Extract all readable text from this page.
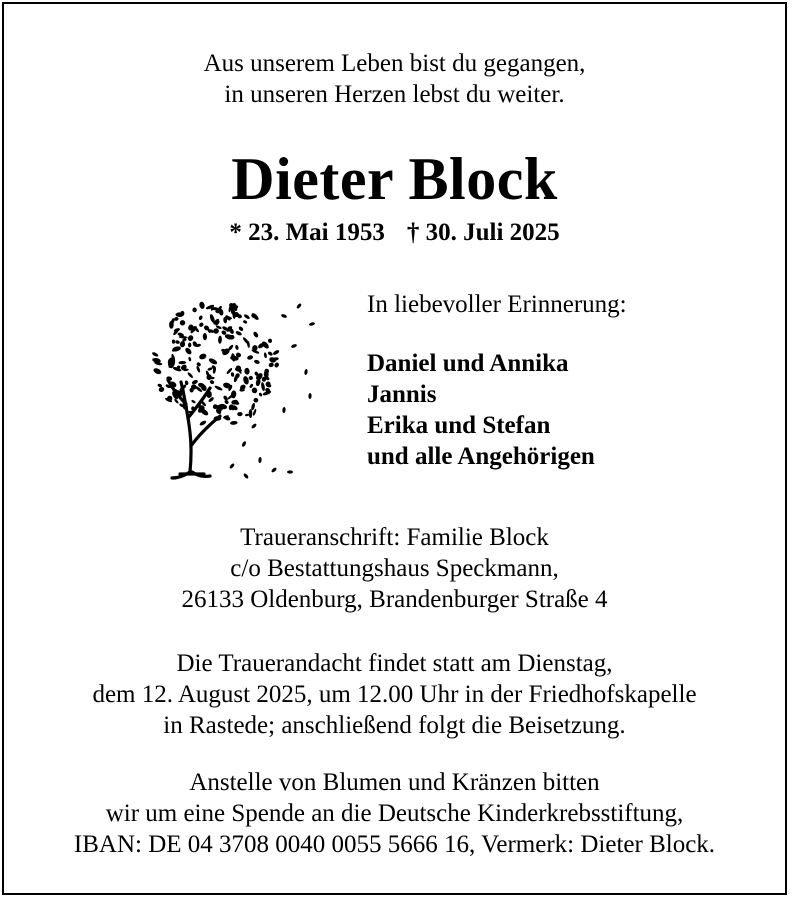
Aus unserem Leben bist du gegangen,
in unseren Herzen lebst du weiter.
Dieter Block
* 23. Mai 1953 † 30. Juli 2025
In liebevoller Erinnerung:
Daniel und Annika
Jannis
Erika und Stefan
und alle Angehörigen
Traueranschrift: Familie Block
c/o Bestattungshaus Speckmann,
26133 Oldenburg, Brandenburger Straße 4
Die Trauerandacht findet statt am Dienstag,
dem 12. August 2025, um 12.00 Uhr in der Friedhofskapelle
in Rastede; anschließend folgt die Beisetzung.
Anstelle von Blumen und Kränzen bitten
wir um eine Spende an die Deutsche Kinderkrebsstiftung,
IBAN: DE 04 3708 0040 0055 5666 16, Vermerk: Dieter Block.
